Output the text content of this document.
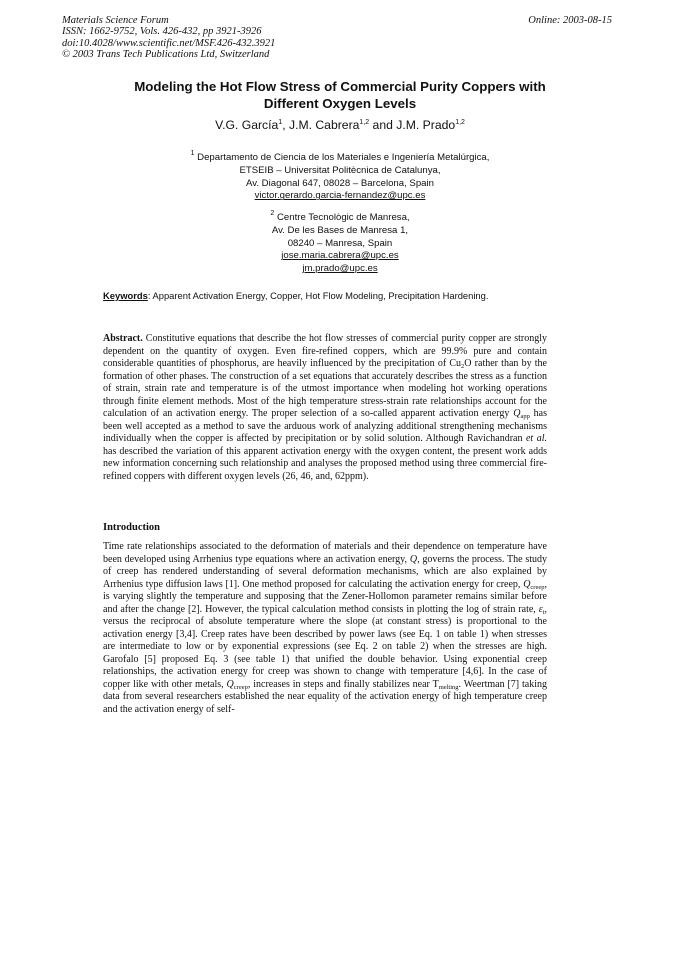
Materials Science Forum
ISSN: 1662-9752, Vols. 426-432, pp 3921-3926
doi:10.4028/www.scientific.net/MSF.426-432.3921
© 2003 Trans Tech Publications Ltd, Switzerland
Online: 2003-08-15
Modeling the Hot Flow Stress of Commercial Purity Coppers with
Different Oxygen Levels
V.G. García$^1$, J.M. Cabrera$^{1,2}$ and J.M. Prado$^{1,2}$
$^1$ Departamento de Ciencia de los Materiales e Ingeniería Metalúrgica,
ETSEIB – Universitat Politècnica de Catalunya,
Av. Diagonal 647, 08028 – Barcelona, Spain
victor.gerardo.garcia-fernandez@upc.es
$^2$ Centre Tecnològic de Manresa,
Av. De les Bases de Manresa 1,
08240 – Manresa, Spain
jose.maria.cabrera@upc.es
jm.prado@upc.es
Keywords: Apparent Activation Energy, Copper, Hot Flow Modeling, Precipitation Hardening.
Abstract. Constitutive equations that describe the hot flow stresses of commercial purity copper are strongly dependent on the quantity of oxygen. Even fire-refined coppers, which are 99.9% pure and contain considerable quantities of phosphorus, are heavily influenced by the precipitation of $Cu_2O$ rather than by the formation of other phases. The construction of a set equations that accurately describes the stress as a function of strain, strain rate and temperature is of the utmost importance when modeling hot working operations through finite element methods. Most of the high temperature stress-strain rate relationships account for the calculation of an activation energy. The proper selection of a so-called apparent activation energy $Q_{app}$ has been well accepted as a method to save the arduous work of analyzing additional strengthening mechanisms individually when the copper is affected by precipitation or by solid solution. Although Ravichandran et al. has described the variation of this apparent activation energy with the oxygen content, the present work adds new information concerning such relationship and analyses the proposed method using three commercial fire-refined coppers with different oxygen levels (26, 46, and, 62ppm).
Introduction
Time rate relationships associated to the deformation of materials and their dependence on temperature have been developed using Arrhenius type equations where an activation energy, Q, governs the process. The study of creep has rendered understanding of several deformation mechanisms, which are also explained by Arrhenius type diffusion laws [1]. One method proposed for calculating the activation energy for creep, $Q_{creep}$, is varying slightly the temperature and supposing that the Zener-Hollomon parameter remains similar before and after the change [2]. However, the typical calculation method consists in plotting the log of strain rate, $\varepsilon_t$, versus the reciprocal of absolute temperature where the slope (at constant stress) is proportional to the activation energy [3,4]. Creep rates have been described by power laws (see Eq. 1 on table 1) when stresses are intermediate to low or by exponential expressions (see Eq. 2 on table 2) when the stresses are high. Garofalo [5] proposed Eq. 3 (see table 1) that unified the double behavior. Using exponential creep relationships, the activation energy for creep was shown to change with temperature [4,6]. In the case of copper like with other metals, $Q_{creep}$, increases in steps and finally stabilizes near $T_{melting}$. Weertman [7] taking data from several researchers established the near equality of the activation energy of high temperature creep and the activation energy of self-
